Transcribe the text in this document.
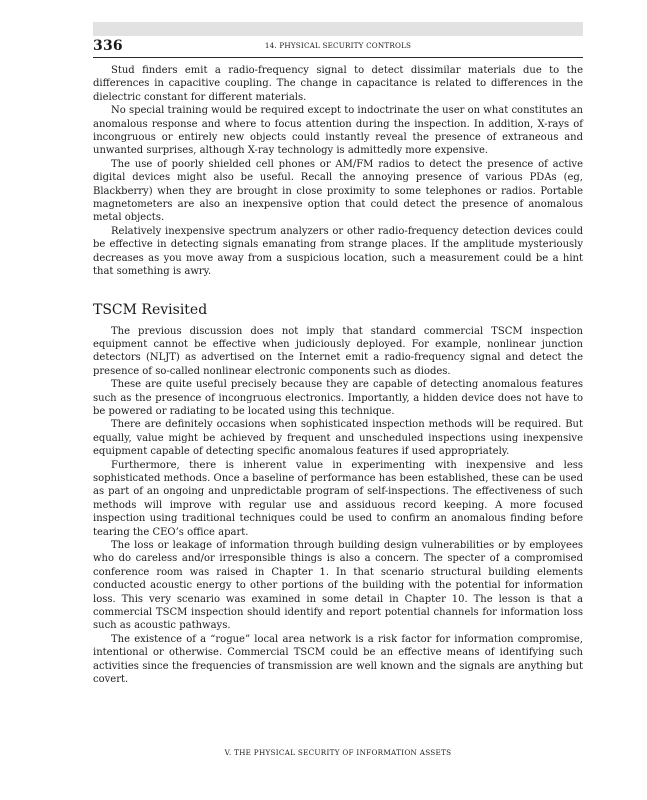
336	14. PHYSICAL SECURITY CONTROLS

Stud finders emit a radio-frequency signal to detect dissimilar materials due to the differences in capacitive coupling. The change in capacitance is related to differences in the dielectric constant for different materials.

No special training would be required except to indoctrinate the user on what constitutes an anomalous response and where to focus attention during the inspection. In addition, X-rays of incongruous or entirely new objects could instantly reveal the presence of extraneous and unwanted surprises, although X-ray technology is admittedly more expensive.

The use of poorly shielded cell phones or AM/FM radios to detect the presence of active digital devices might also be useful. Recall the annoying presence of various PDAs (eg, Blackberry) when they are brought in close proximity to some telephones or radios. Portable magnetometers are also an inexpensive option that could detect the presence of anomalous metal objects.

Relatively inexpensive spectrum analyzers or other radio-frequency detection devices could be effective in detecting signals emanating from strange places. If the amplitude mysteriously decreases as you move away from a suspicious location, such a measurement could be a hint that something is awry.

TSCM Revisited

The previous discussion does not imply that standard commercial TSCM inspection equipment cannot be effective when judiciously deployed. For example, nonlinear junction detectors (NLJT) as advertised on the Internet emit a radio-frequency signal and detect the presence of so-called nonlinear electronic components such as diodes.

These are quite useful precisely because they are capable of detecting anomalous features such as the presence of incongruous electronics. Importantly, a hidden device does not have to be powered or radiating to be located using this technique.

There are definitely occasions when sophisticated inspection methods will be required. But equally, value might be achieved by frequent and unscheduled inspections using inexpensive equipment capable of detecting specific anomalous features if used appropriately.

Furthermore, there is inherent value in experimenting with inexpensive and less sophisticated methods. Once a baseline of performance has been established, these can be used as part of an ongoing and unpredictable program of self-inspections. The effectiveness of such methods will improve with regular use and assiduous record keeping. A more focused inspection using traditional techniques could be used to confirm an anomalous finding before tearing the CEO’s office apart.

The loss or leakage of information through building design vulnerabilities or by employees who do careless and/or irresponsible things is also a concern. The specter of a compromised conference room was raised in Chapter 1. In that scenario structural building elements conducted acoustic energy to other portions of the building with the potential for information loss. This very scenario was examined in some detail in Chapter 10. The lesson is that a commercial TSCM inspection should identify and report potential channels for information loss such as acoustic pathways.

The existence of a “rogue” local area network is a risk factor for information compromise, intentional or otherwise. Commercial TSCM could be an effective means of identifying such activities since the frequencies of transmission are well known and the signals are anything but covert.

V. THE PHYSICAL SECURITY OF INFORMATION ASSETS
